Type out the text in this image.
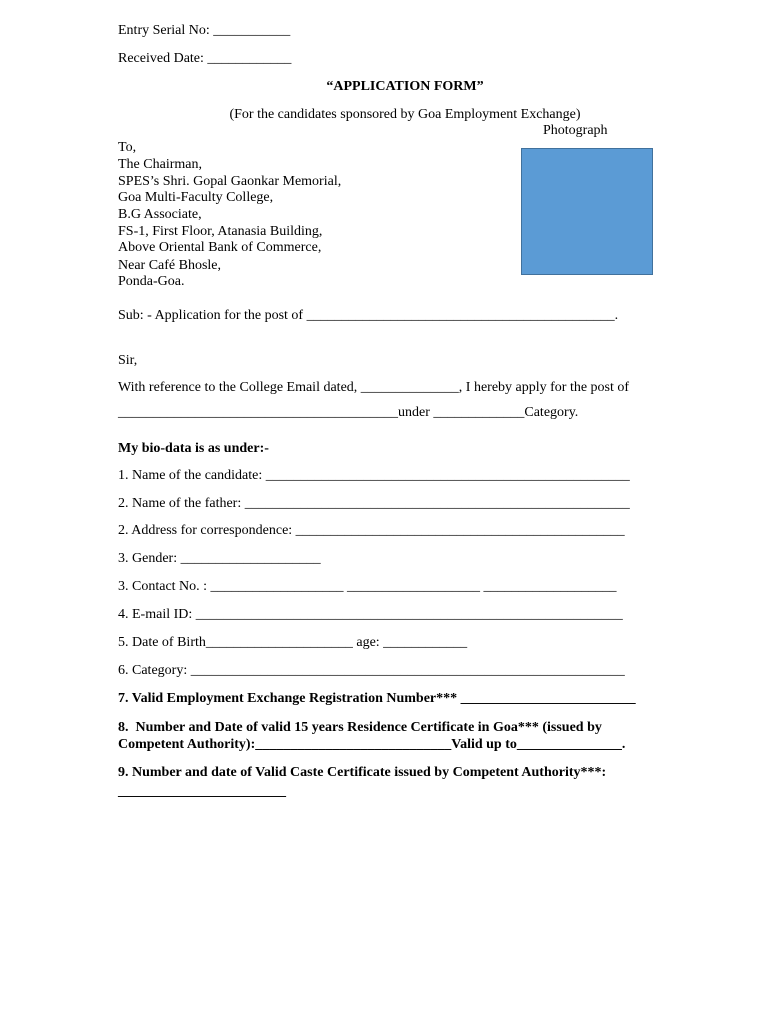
Entry Serial No: ___________
Received Date: ____________
“APPLICATION FORM”
(For the candidates sponsored by Goa Employment Exchange)
Photograph
To,
The Chairman,
SPES’s Shri. Gopal Gaonkar Memorial,
Goa Multi-Faculty College,
B.G Associate,
FS-1, First Floor, Atanasia Building,
Above Oriental Bank of Commerce,
Near Café Bhosle,
Ponda-Goa.
Sub: - Application for the post of ____________________________________________.
Sir,
With reference to the College Email dated, ______________, I hereby apply for the post of
________________________________________under _____________Category.
My bio-data is as under:-
1. Name of the candidate: ____________________________________________________
2. Name of the father: _______________________________________________________
2. Address for correspondence: _______________________________________________
3. Gender: ____________________
3. Contact No. : ___________________ ___________________ ___________________
4. E-mail ID: _____________________________________________________________
5. Date of Birth_____________________ age: ____________
6. Category: ______________________________________________________________
7. Valid Employment Exchange Registration Number*** _________________________
8.  Number and Date of valid 15 years Residence Certificate in Goa*** (issued by
Competent Authority):____________________________Valid up to_______________.
9. Number and date of Valid Caste Certificate issued by Competent Authority***:
________________________
